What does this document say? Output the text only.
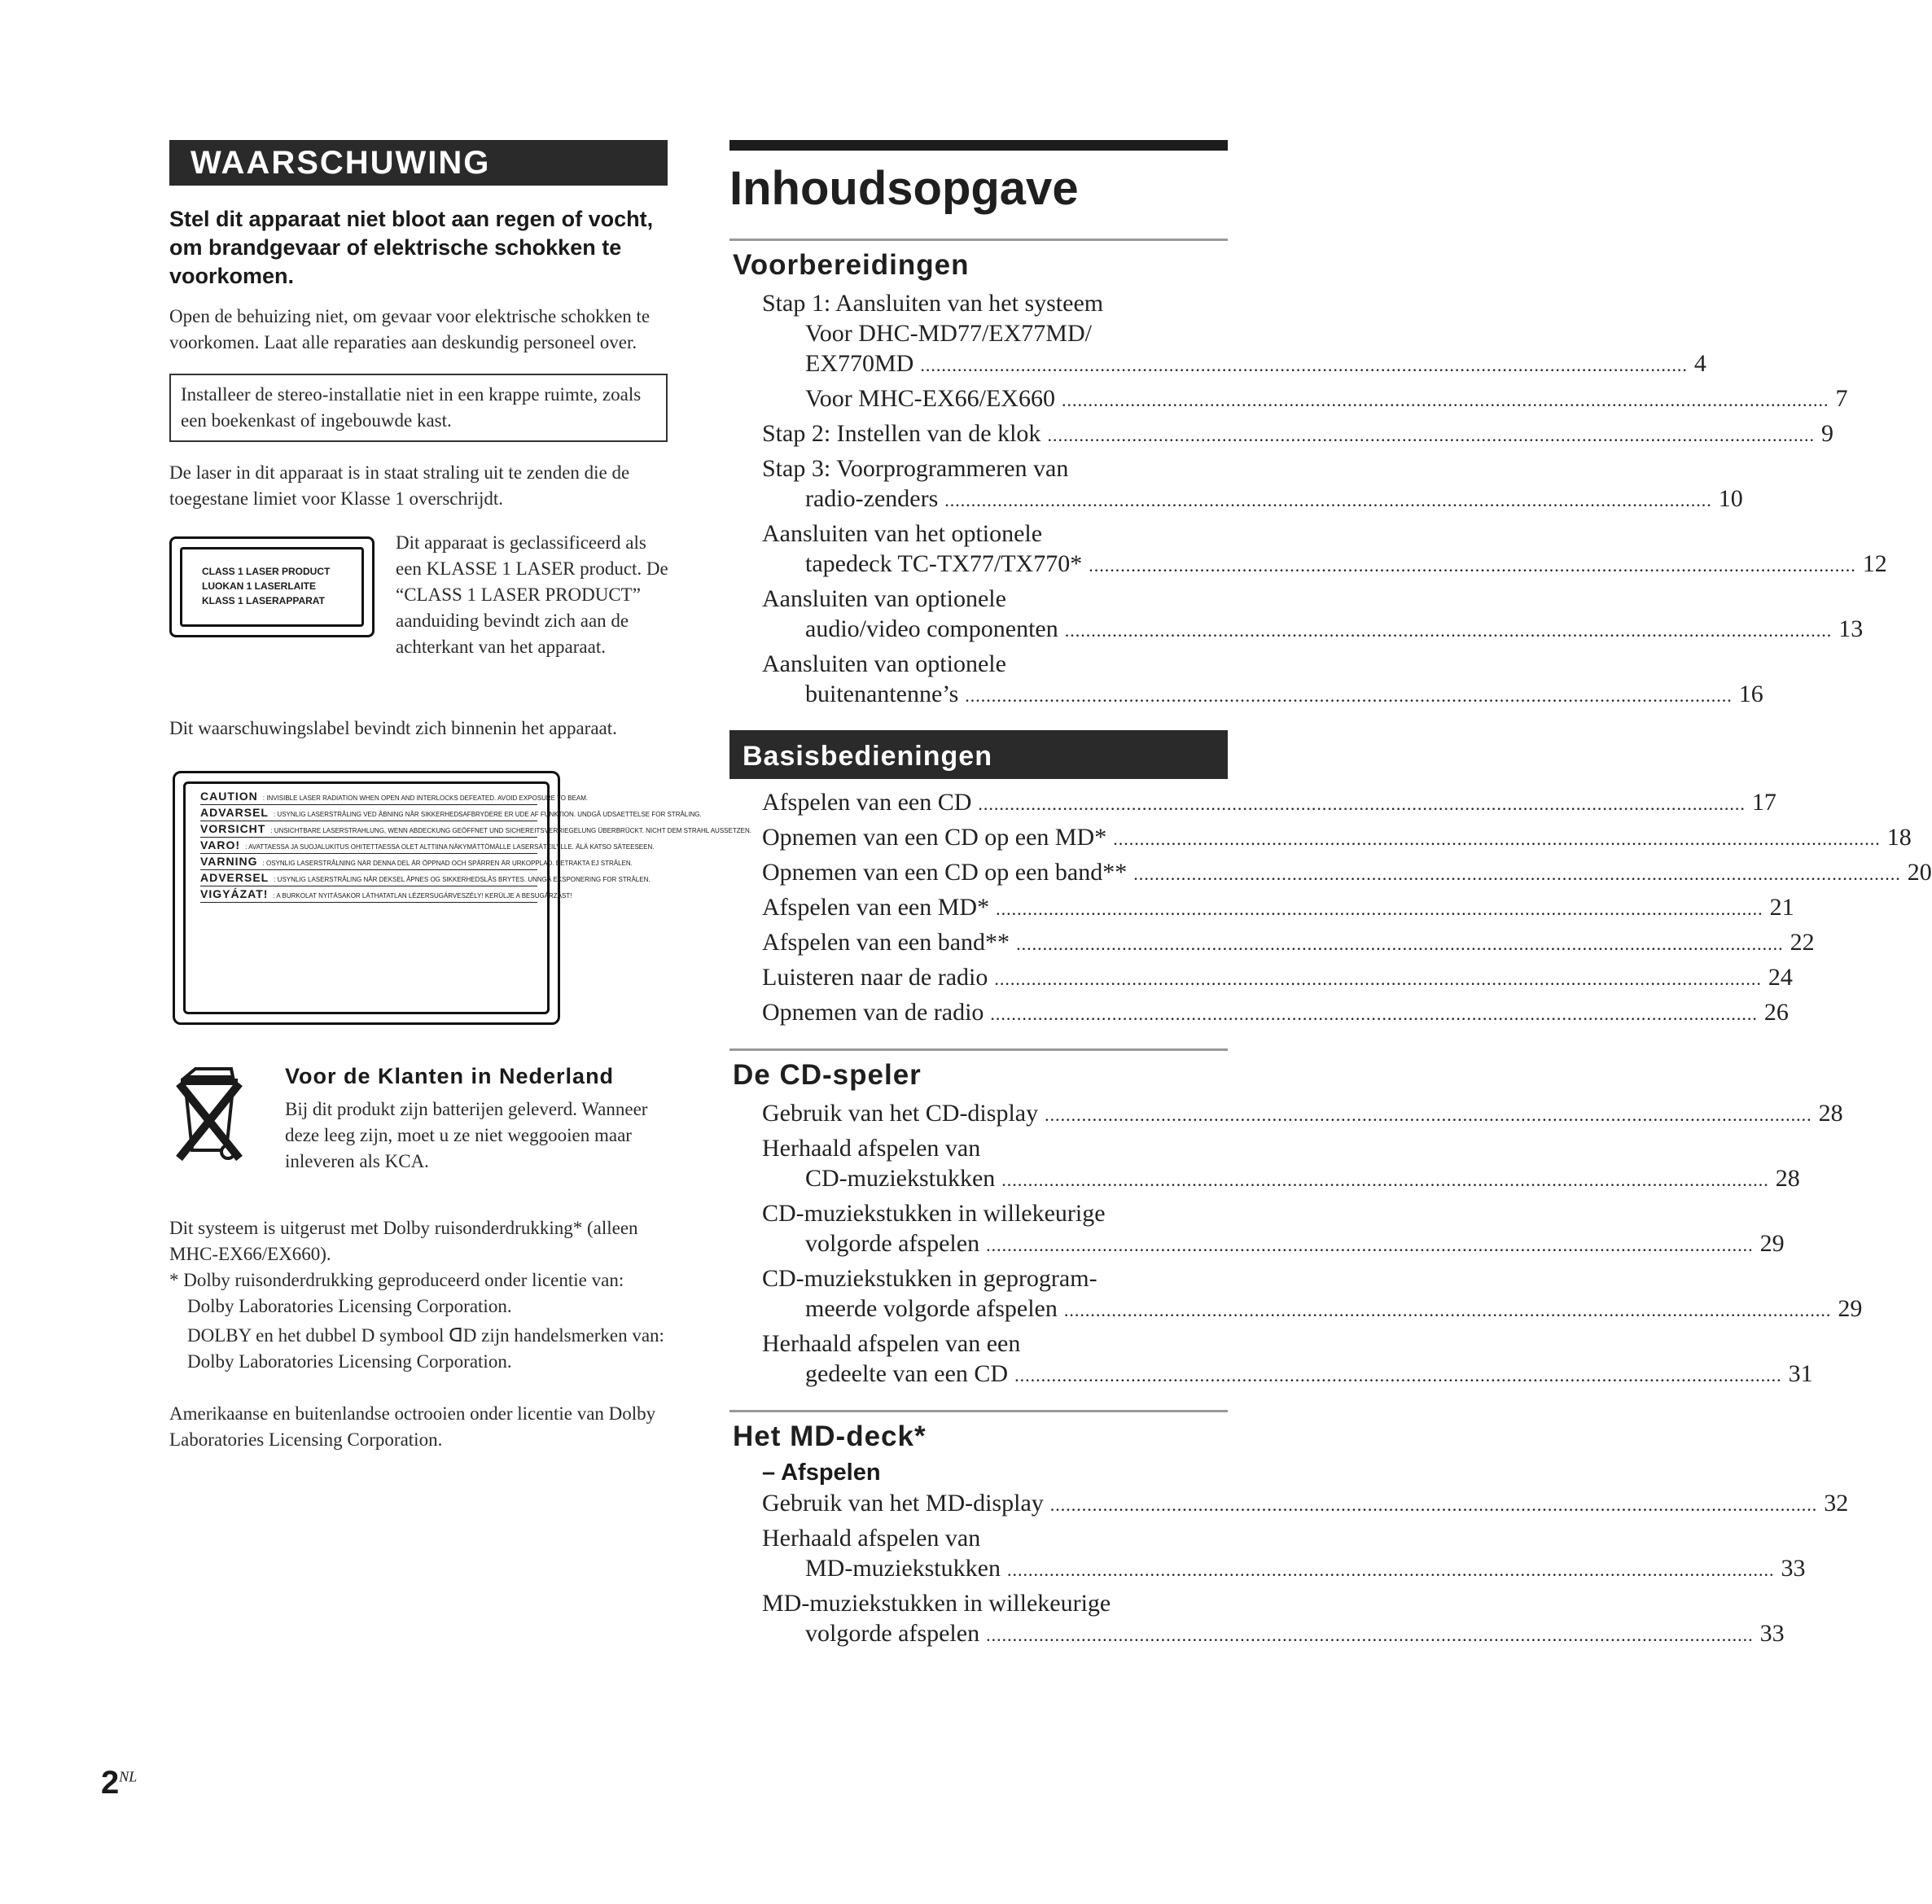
WAARSCHUWING
Stel dit apparaat niet bloot aan regen of vocht, om brandgevaar of elektrische schokken te voorkomen.
Open de behuizing niet, om gevaar voor elektrische schokken te voorkomen. Laat alle reparaties aan deskundig personeel over.
Installeer de stereo-installatie niet in een krappe ruimte, zoals een boekenkast of ingebouwde kast.
De laser in dit apparaat is in staat straling uit te zenden die de toegestane limiet voor Klasse 1 overschrijdt.
CLASS 1 LASER PRODUCT
LUOKAN 1 LASERLAITE
KLASS 1 LASERAPPARAT
Dit apparaat is geclassificeerd als een KLASSE 1 LASER product. De “CLASS 1 LASER PRODUCT” aanduiding bevindt zich aan de achterkant van het apparaat.
Dit waarschuwingslabel bevindt zich binnenin het apparaat.
CAUTION : INVISIBLE LASER RADIATION WHEN OPEN AND INTERLOCKS DEFEATED. AVOID EXPOSURE TO BEAM.
ADVARSEL : USYNLIG LASERSTRÅLING VED ÅBNING NÅR SIKKERHEDSAFBRYDERE ER UDE AF FUNKTION. UNDGÅ UDSAETTELSE FOR STRÅLING.
VORSICHT : UNSICHTBARE LASERSTRAHLUNG, WENN ABDECKUNG GEÖFFNET UND SICHEREITSVERRIEGELUNG ÜBERBRÜCKT. NICHT DEM STRAHL AUSSETZEN.
VARO! : AVATTAESSA JA SUOJALUKITUS OHITETTAESSA OLET ALTTIINA NÄKYMÄTTÖMÄLLE LASERSÄTEILYLLE. ÄLÄ KATSO SÄTEESEEN.
VARNING : OSYNLIG LASERSTRÅLNING NÄR DENNA DEL ÄR ÖPPNAD OCH SPÄRREN ÄR URKOPPLAD. BETRAKTA EJ STRÅLEN.
ADVERSEL : USYNLIG LASERSTRÅLING NÅR DEKSEL ÅPNES OG SIKKERHEDSLÅS BRYTES. UNNGÅ EKSPONERING FOR STRÅLEN.
VIGYÁZAT! : A BURKOLAT NYITÁSAKOR LÁTHATATLAN LÉZERSUGÁRVESZÉLY! KERÜLJE A BESUGÁRZÁST!
Voor de Klanten in Nederland
Bij dit produkt zijn batterijen geleverd. Wanneer deze leeg zijn, moet u ze niet weggooien maar inleveren als KCA.
Dit systeem is uitgerust met Dolby ruisonderdrukking* (alleen MHC-EX66/EX660).
* Dolby ruisonderdrukking geproduceerd onder licentie van: Dolby Laboratories Licensing Corporation.
DOLBY en het dubbel D symbool ᗡD zijn handelsmerken van: Dolby Laboratories Licensing Corporation.
Amerikaanse en buitenlandse octrooien onder licentie van Dolby Laboratories Licensing Corporation.
Inhoudsopgave
Voorbereidingen
Stap 1: Aansluiten van het systeem
Voor DHC-MD77/EX77MD/
EX770MD .....	4
Voor MHC-EX66/EX660 .....	7
Stap 2: Instellen van de klok .....	9
Stap 3: Voorprogrammeren van
radio-zenders .....	10
Aansluiten van het optionele
tapedeck TC-TX77/TX770* .....	12
Aansluiten van optionele
audio/video componenten .....	13
Aansluiten van optionele
buitenantenne’s .....	16
Basisbedieningen
Afspelen van een CD .....	17
Opnemen van een CD op een MD* .....	18
Opnemen van een CD op een band** .....	20
Afspelen van een MD* .....	21
Afspelen van een band** .....	22
Luisteren naar de radio .....	24
Opnemen van de radio .....	26
De CD-speler
Gebruik van het CD-display .....	28
Herhaald afspelen van
CD-muziekstukken .....	28
CD-muziekstukken in willekeurige
volgorde afspelen .....	29
CD-muziekstukken in geprogram-
meerde volgorde afspelen .....	29
Herhaald afspelen van een
gedeelte van een CD .....	31
Het MD-deck*
– Afspelen
Gebruik van het MD-display .....	32
Herhaald afspelen van
MD-muziekstukken .....	33
MD-muziekstukken in willekeurige
volgorde afspelen .....	33
$2^{NL}$
